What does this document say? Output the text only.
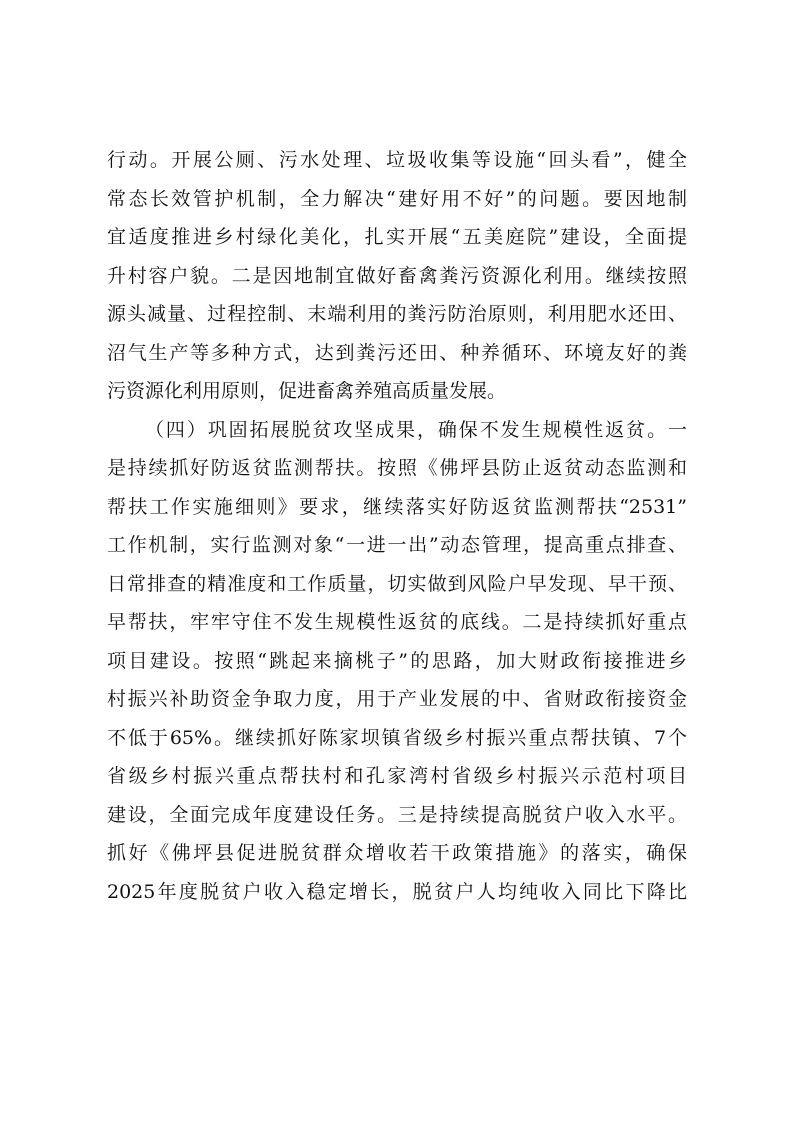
行动。开展公厕、污水处理、垃圾收集等设施“回头看”，健全
常态长效管护机制，全力解决“建好用不好”的问题。要因地制
宜适度推进乡村绿化美化，扎实开展“五美庭院”建设，全面提
升村容户貌。二是因地制宜做好畜禽粪污资源化利用。继续按照
源头减量、过程控制、末端利用的粪污防治原则，利用肥水还田、
沼气生产等多种方式，达到粪污还田、种养循环、环境友好的粪
污资源化利用原则，促进畜禽养殖高质量发展。
（四）巩固拓展脱贫攻坚成果，确保不发生规模性返贫。一
是持续抓好防返贫监测帮扶。按照《佛坪县防止返贫动态监测和
帮扶工作实施细则》要求，继续落实好防返贫监测帮扶“2531”
工作机制，实行监测对象“一进一出”动态管理，提高重点排查、
日常排查的精准度和工作质量，切实做到风险户早发现、早干预、
早帮扶，牢牢守住不发生规模性返贫的底线。二是持续抓好重点
项目建设。按照“跳起来摘桃子”的思路，加大财政衔接推进乡
村振兴补助资金争取力度，用于产业发展的中、省财政衔接资金
不低于65%。继续抓好陈家坝镇省级乡村振兴重点帮扶镇、7个
省级乡村振兴重点帮扶村和孔家湾村省级乡村振兴示范村项目
建设，全面完成年度建设任务。三是持续提高脱贫户收入水平。
抓好《佛坪县促进脱贫群众增收若干政策措施》的落实，确保
2025年度脱贫户收入稳定增长，脱贫户人均纯收入同比下降比
